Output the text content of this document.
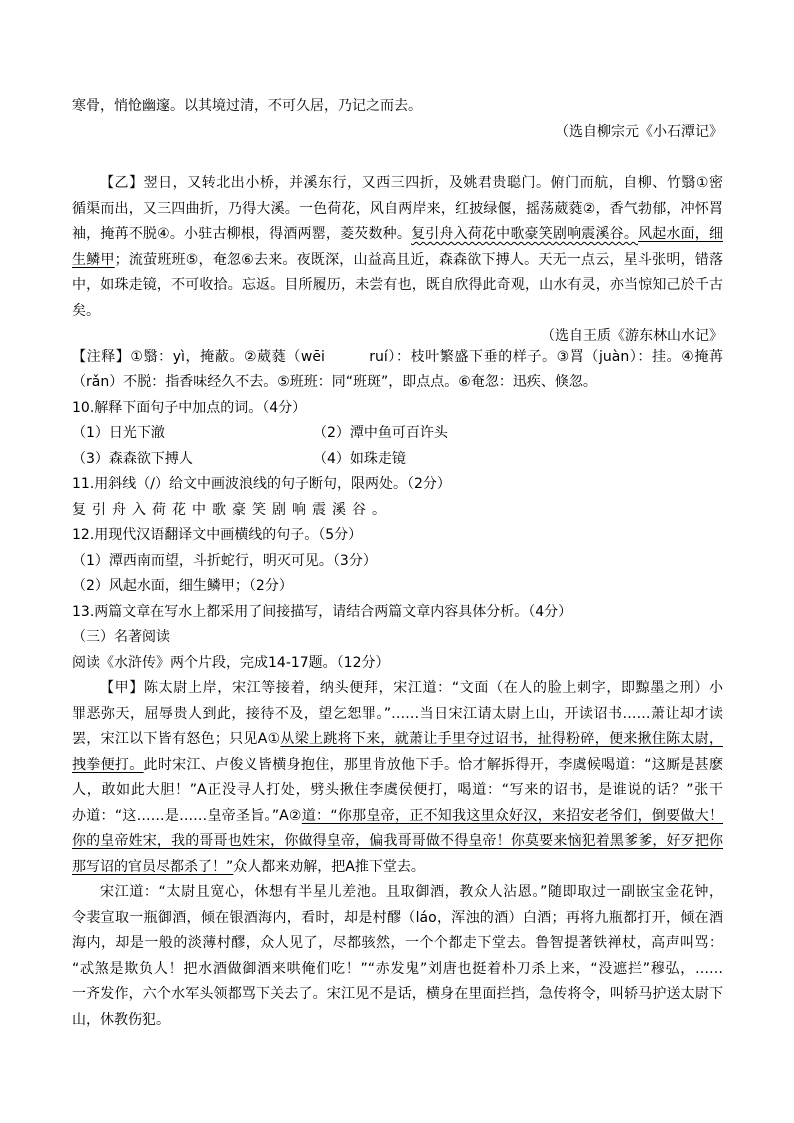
寒骨，悄怆幽邃。以其境过清，不可久居，乃记之而去。
（选自柳宗元《小石潭记》
【乙】翌日，又转北出小桥，并溪东行，又西三四折，及姚君贵聪门。俯门而航，自柳、竹翳①密
循渠而出，又三四曲折，乃得大溪。一色荷花，风自两岸来，红披绿偃，摇荡葳蕤②，香气勃郁，冲怀罥
袖，掩苒不脱④。小驻古柳根，得酒两罂，菱芡数种。复引舟入荷花中歌豪笑剧响震溪谷。风起水面，细
生鳞甲；流萤班班⑤，奄忽⑥去来。夜既深，山益高且近，森森欲下搏人。天无一点云，星斗张明，错落
中，如珠走镜，不可收拾。忘返。目所履历，未尝有也，既自欣得此奇观，山水有灵，亦当惊知己於千古
矣。
（选自王质《游东林山水记》
【注释】①翳：yì，掩蔽。②葳蕤（wēi　　　ruí）：枝叶繁盛下垂的样子。③罥（juàn）：挂。④掩苒
（rǎn）不脱：指香味经久不去。⑤班班：同“班斑”，即点点。⑥奄忽：迅疾、倏忽。
10.解释下面句子中加点的词。（4分）
（1）日光下澈	（2）潭中鱼可百许头
（3）森森欲下搏人	（4）如珠走镜
11.用斜线（/）给文中画波浪线的句子断句，限两处。（2分）
复引舟入荷花中歌豪笑剧响震溪谷。
12.用现代汉语翻译文中画横线的句子。（5分）
（1）潭西南而望，斗折蛇行，明灭可见。（3分）
（2）风起水面，细生鳞甲；（2分）
13.两篇文章在写水上都采用了间接描写，请结合两篇文章内容具体分析。（4分）
（三）名著阅读
阅读《水浒传》两个片段，完成14-17题。（12分）
【甲】陈太尉上岸，宋江等接着，纳头便拜，宋江道：“文面（在人的脸上刺字，即黥墨之刑）小
罪恶弥天，屈辱贵人到此，接待不及，望乞恕罪。”……当日宋江请太尉上山，开读诏书……萧让却才读
罢，宋江以下皆有怒色；只见A①从梁上跳将下来，就萧让手里夺过诏书，扯得粉碎，便来揪住陈太尉，
拽拳便打。此时宋江、卢俊义皆横身抱住，那里肯放他下手。恰才解拆得开，李虞候喝道：“这厮是甚麽
人，敢如此大胆！”A正没寻人打处，劈头揪住李虞侯便打，喝道：“写来的诏书，是谁说的话？”张干
办道：“这……是……皇帝圣旨。”A②道：“你那皇帝，正不知我这里众好汉，来招安老爷们，倒要做大！
你的皇帝姓宋，我的哥哥也姓宋，你做得皇帝，偏我哥哥做不得皇帝！你莫要来恼犯着黑爹爹，好歹把你
那写诏的官员尽都杀了！”众人都来劝解，把A推下堂去。
宋江道：“太尉且宽心，休想有半星儿差池。且取御酒，教众人沾恩。”随即取过一副嵌宝金花钟，
令裴宣取一瓶御酒，倾在银酒海内，看时，却是村醪（láo，浑浊的酒）白酒；再将九瓶都打开，倾在酒
海内，却是一般的淡薄村醪，众人见了，尽都骇然，一个个都走下堂去。鲁智提著铁禅杖，高声叫骂：
“忒煞是欺负人！把水酒做御酒来哄俺们吃！”“赤发鬼”刘唐也挺着朴刀杀上来，“没遮拦”穆弘，……
一齐发作，六个水军头领都骂下关去了。宋江见不是话，横身在里面拦挡，急传将令，叫轿马护送太尉下
山，休教伤犯。
